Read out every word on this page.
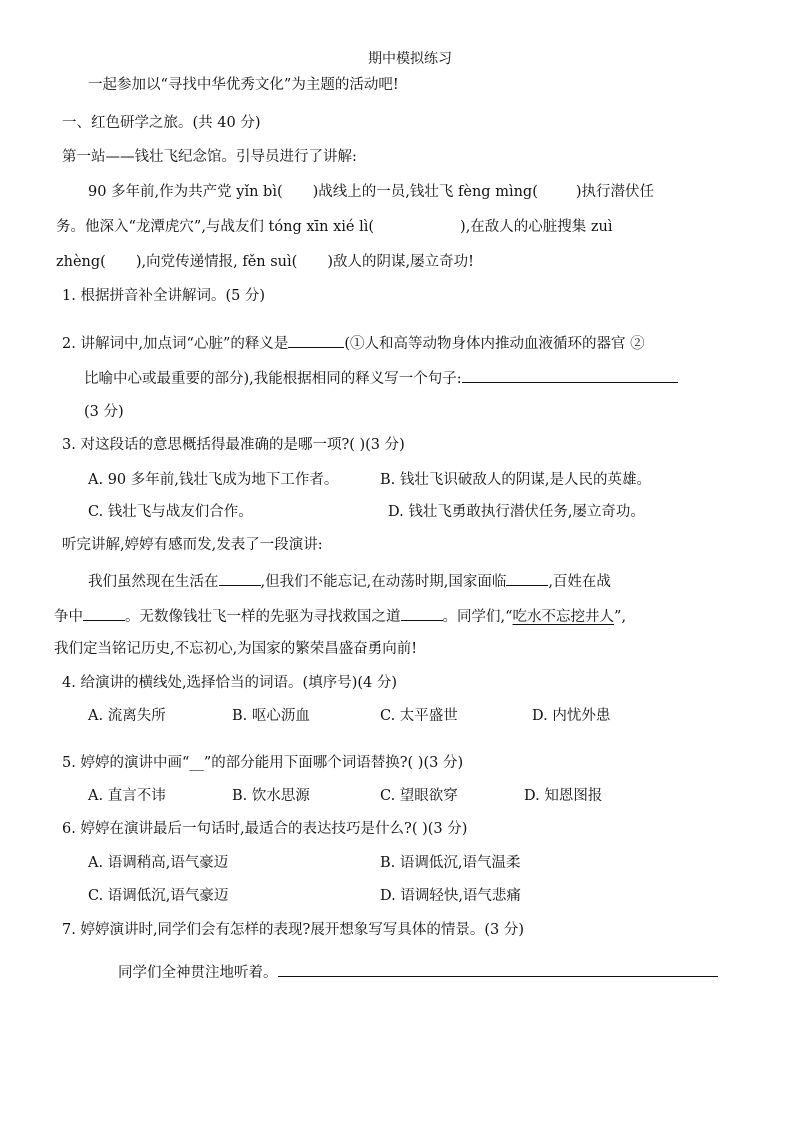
期中模拟练习
一起参加以“寻找中华优秀文化”为主题的活动吧!
一、红色研学之旅。(共 40 分)
第一站——钱壮飞纪念馆。引导员进行了讲解:
90 多年前,作为共产党 yǐn bì( )战线上的一员,钱壮飞 fèng mìng(	)执行潜伏任
务。他深入“龙潭虎穴”,与战友们 tóng xīn xié lì(	),在敌人的心脏搜集 zuì
zhèng( ),向党传递情报, fěn suì( )敌人的阴谋,屡立奇功!
1. 根据拼音补全讲解词。(5 分)
2. 讲解词中,加点词“心脏”的释义是	(①人和高等动物身体内推动血液循环的器官 ②
比喻中心或最重要的部分),我能根据相同的释义写一个句子:
(3 分)
3. 对这段话的意思概括得最准确的是哪一项?( )(3 分)
A. 90 多年前,钱壮飞成为地下工作者。	B. 钱壮飞识破敌人的阴谋,是人民的英雄。
C. 钱壮飞与战友们合作。	D. 钱壮飞勇敢执行潜伏任务,屡立奇功。
听完讲解,婷婷有感而发,发表了一段演讲:
我们虽然现在生活在	,但我们不能忘记,在动荡时期,国家面临	,百姓在战
争中	。无数像钱壮飞一样的先驱为寻找救国之道	。同学们,“吃水不忘挖井人”,
我们定当铭记历史,不忘初心,为国家的繁荣昌盛奋勇向前!
4. 给演讲的横线处,选择恰当的词语。(填序号)(4 分)
A. 流离失所	B. 呕心沥血	C. 太平盛世	D. 内忧外患
5. 婷婷的演讲中画“__”的部分能用下面哪个词语替换?( )(3 分)
A. 直言不讳	B. 饮水思源	C. 望眼欲穿	D. 知恩图报
6. 婷婷在演讲最后一句话时,最适合的表达技巧是什么?( )(3 分)
A. 语调稍高,语气豪迈	B. 语调低沉,语气温柔
C. 语调低沉,语气豪迈	D. 语调轻快,语气悲痛
7. 婷婷演讲时,同学们会有怎样的表现?展开想象写写具体的情景。(3 分)
同学们全神贯注地听着。
